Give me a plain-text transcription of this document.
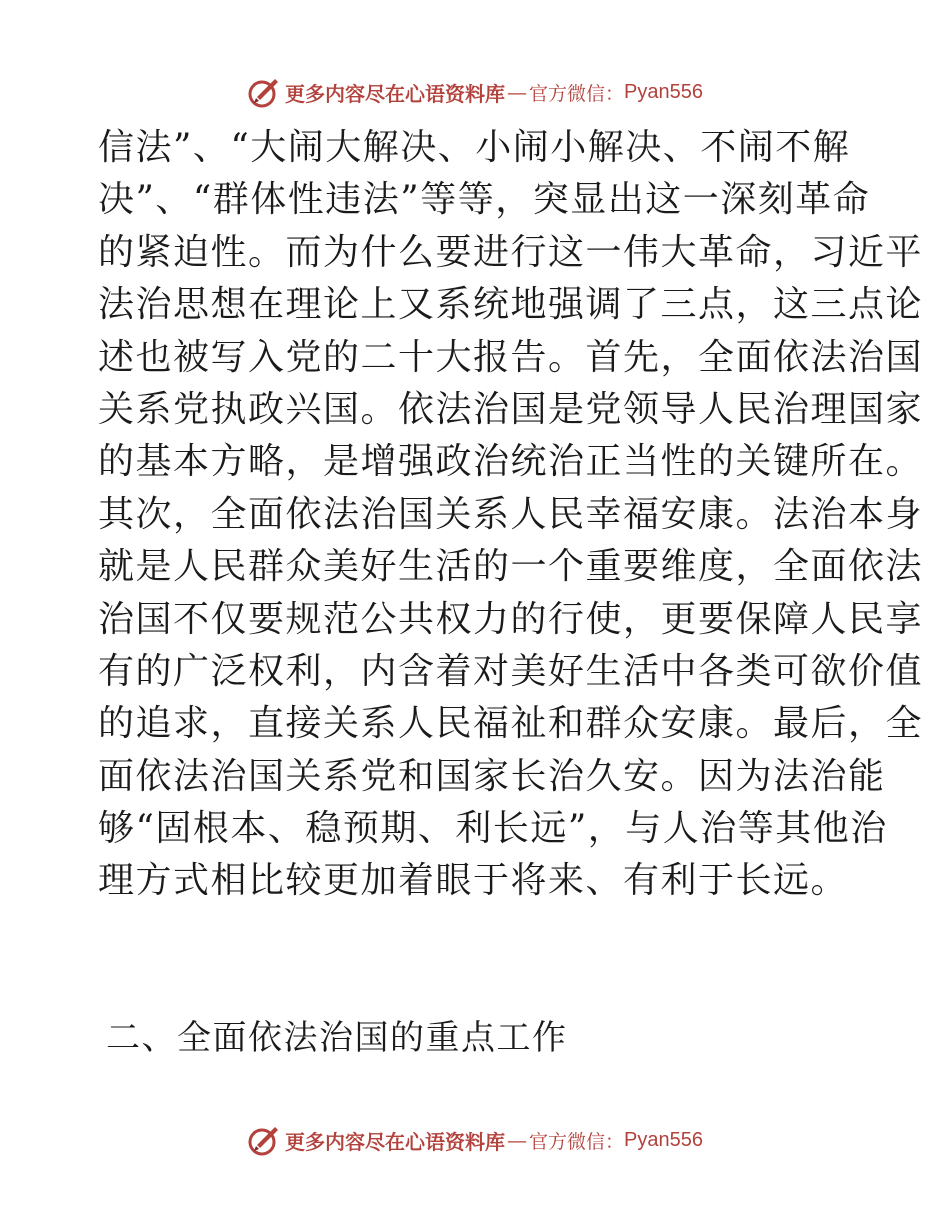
更多内容尽在心语资料库 — 官方微信： Pyan556
信法”、“大闹大解决、小闹小解决、不闹不解
决”、“群体性违法”等等，突显出这一深刻革命
的紧迫性。而为什么要进行这一伟大革命，习近平
法治思想在理论上又系统地强调了三点，这三点论
述也被写入党的二十大报告。首先，全面依法治国
关系党执政兴国。依法治国是党领导人民治理国家
的基本方略，是增强政治统治正当性的关键所在。
其次，全面依法治国关系人民幸福安康。法治本身
就是人民群众美好生活的一个重要维度，全面依法
治国不仅要规范公共权力的行使，更要保障人民享
有的广泛权利，内含着对美好生活中各类可欲价值
的追求，直接关系人民福祉和群众安康。最后，全
面依法治国关系党和国家长治久安。因为法治能
够“固根本、稳预期、利长远”，与人治等其他治
理方式相比较更加着眼于将来、有利于长远。
二、全面依法治国的重点工作
更多内容尽在心语资料库 — 官方微信： Pyan556
